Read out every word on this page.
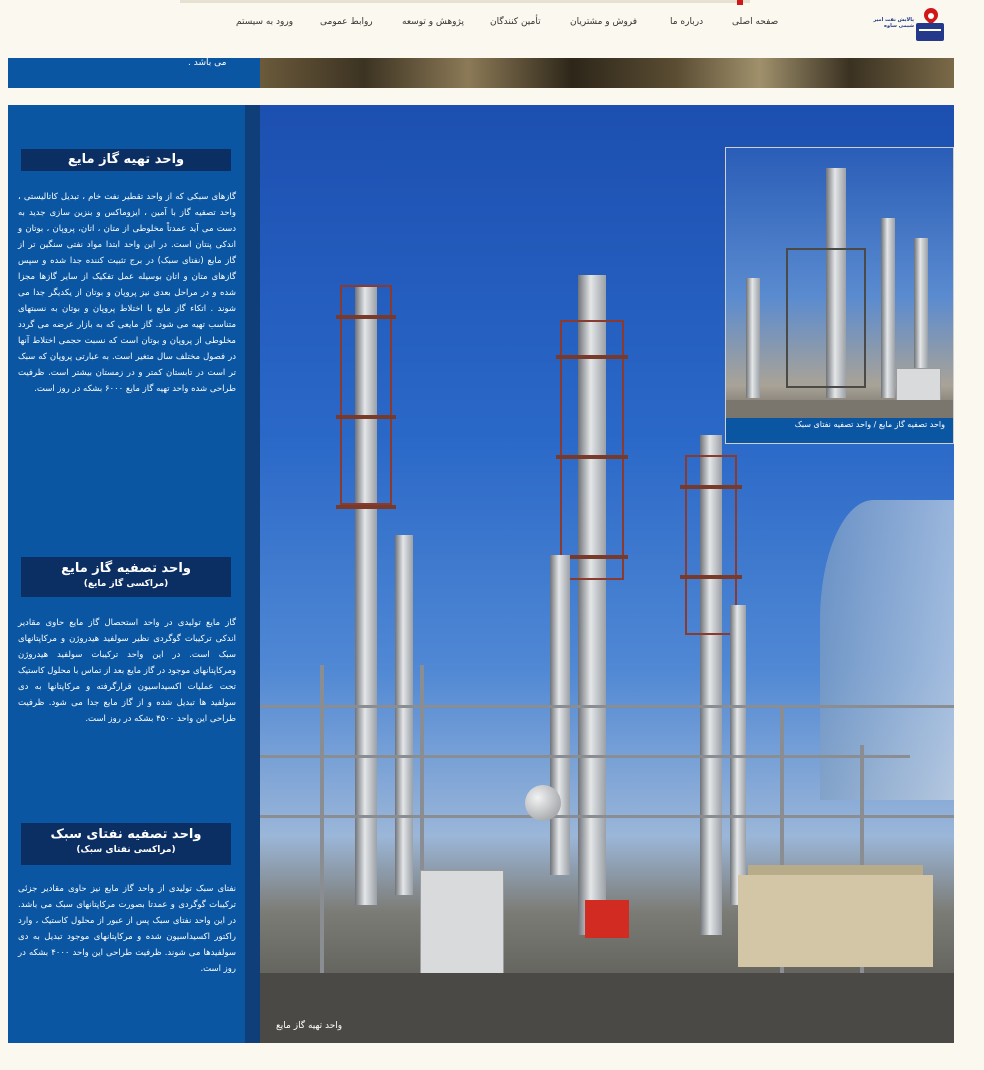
پالایش نفت امیر شیمی ساوه
صفحه اصلی
درباره ما
فروش و مشتریان
تأمین کنندگان
پژوهش و توسعه
روابط عمومی
ورود به سیستم
می باشد .
واحد تهیه گاز مایع
گازهای سبکی که از واحد تقطیر نفت خام ، تبدیل کاتالیستی ، واحد تصفیه گاز با آمین ، ایزوماکس و بنزین سازی جدید به دست می آید عمدتاً مخلوطی از متان ، اتان، پروپان ، بوتان و اندکی پنتان است. در این واحد ابتدا مواد نفتی سنگین تر از گاز مایع (نفتای سبک) در برج تثبیت کننده جدا شده و سپس گازهای متان و اتان بوسیله عمل تفکیک از سایر گازها مجزا شده و در مراحل بعدی نیز پروپان و بوتان از یکدیگر جدا می شوند . اتکاء گاز مایع با اختلاط پروپان و بوتان به نسبتهای متناسب تهیه می شود. گاز مایعی که به بازار عرضه می گردد مخلوطی از پروپان و بوتان است که نسبت حجمی اختلاط آنها در فصول مختلف سال متغیر است. به عبارتی پروپان که سبک تر است در تابستان کمتر و در زمستان بیشتر است. ظرفیت طراحی شده واحد تهیه گاز مایع ۶۰۰۰ بشکه در روز است.
واحد تصفیه گاز مایع
(مراکسی گاز مایع)
گاز مایع تولیدی در واحد استحصال گاز مایع حاوی مقادیر اندکی ترکیبات گوگردی نظیر سولفید هیدروژن و مرکاپتانهای سبک است. در این واحد ترکیبات سولفید هیدروژن ومرکاپتانهای موجود در گاز مایع بعد از تماس با محلول کاستیک تحت عملیات اکسیداسیون قرارگرفته و مرکاپتانها به دی سولفید ها تبدیل شده و از گاز مایع جدا می شود. ظرفیت طراحی این واحد ۴۵۰۰ بشکه در روز است.
واحد تصفیه نفتای سبک
(مراکسی نفتای سبک)
نفتای سبک تولیدی از واحد گاز مایع نیز حاوی مقادیر جزئی ترکیبات گوگردی و عمدتا بصورت مرکاپتانهای سبک می باشد. در این واحد نفتای سبک پس از عبور از محلول کاستیک ، وارد راکتور اکسیداسیون شده و مرکاپتانهای موجود تبدیل به دی سولفیدها می شوند. ظرفیت طراحی این واحد ۴۰۰۰ بشکه در روز است.
واحد تهیه گاز مایع
واحد تصفیه گاز مایع / واحد تصفیه نفتای سبک
